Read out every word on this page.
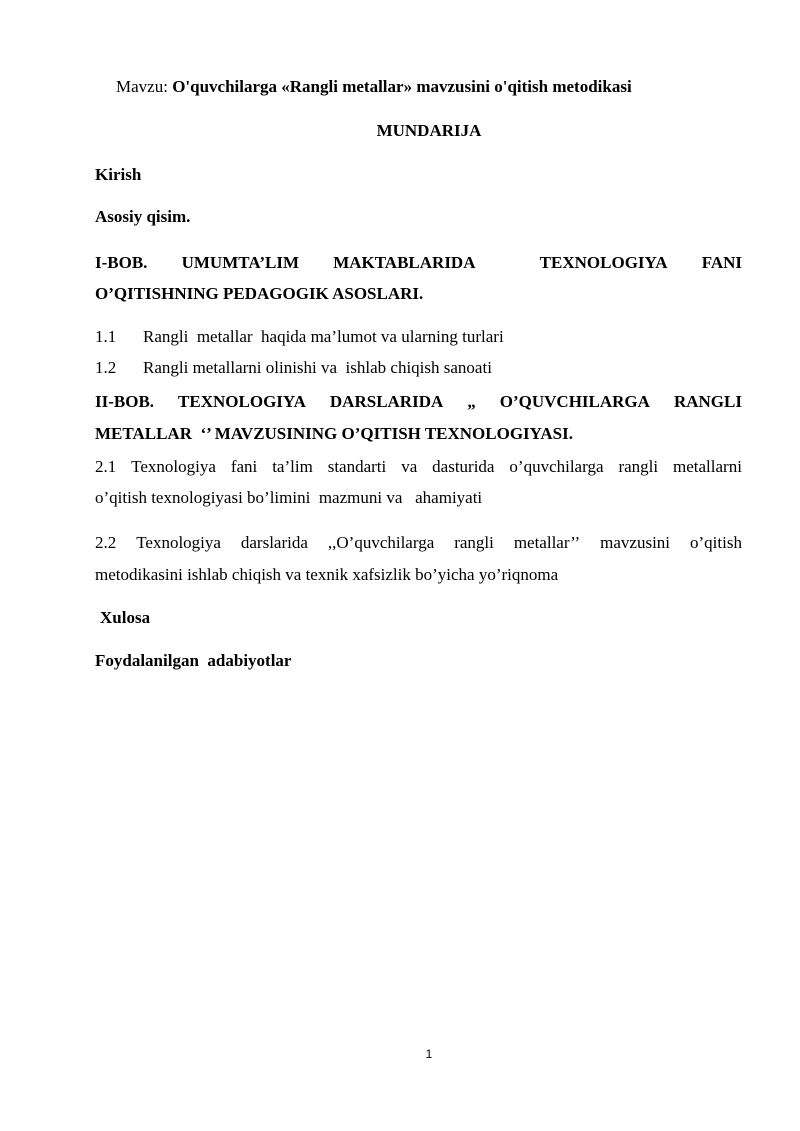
Mavzu: O'quvchilarga «Rangli metallar» mavzusini o'qitish metodikasi
MUNDARIJA
Kirish
Asosiy qisim.
I-BOB. UMUMTA’LIM MAKTABLARIDA	TEXNOLOGIYA FANI
O’QITISHNING PEDAGOGIK ASOSLARI.
1.1 Rangli  metallar  haqida ma’lumot va ularning turlari
1.2 Rangli metallarni olinishi va  ishlab chiqish sanoati
II-BOB. TEXNOLOGIYA DARSLARIDA „ O’QUVCHILARGA RANGLI
METALLAR  ‘’ MAVZUSINING O’QITISH TEXNOLOGIYASI.
2.1 Texnologiya fani ta’lim standarti va dasturida o’quvchilarga rangli metallarni
o’qitish texnologiyasi bo’limini  mazmuni va   ahamiyati
2.2 Texnologiya darslarida ,,O’quvchilarga rangli metallar’’ mavzusini o’qitish
metodikasini ishlab chiqish va texnik xafsizlik bo’yicha yo’riqnoma
Xulosa
Foydalanilgan  adabiyotlar
1
